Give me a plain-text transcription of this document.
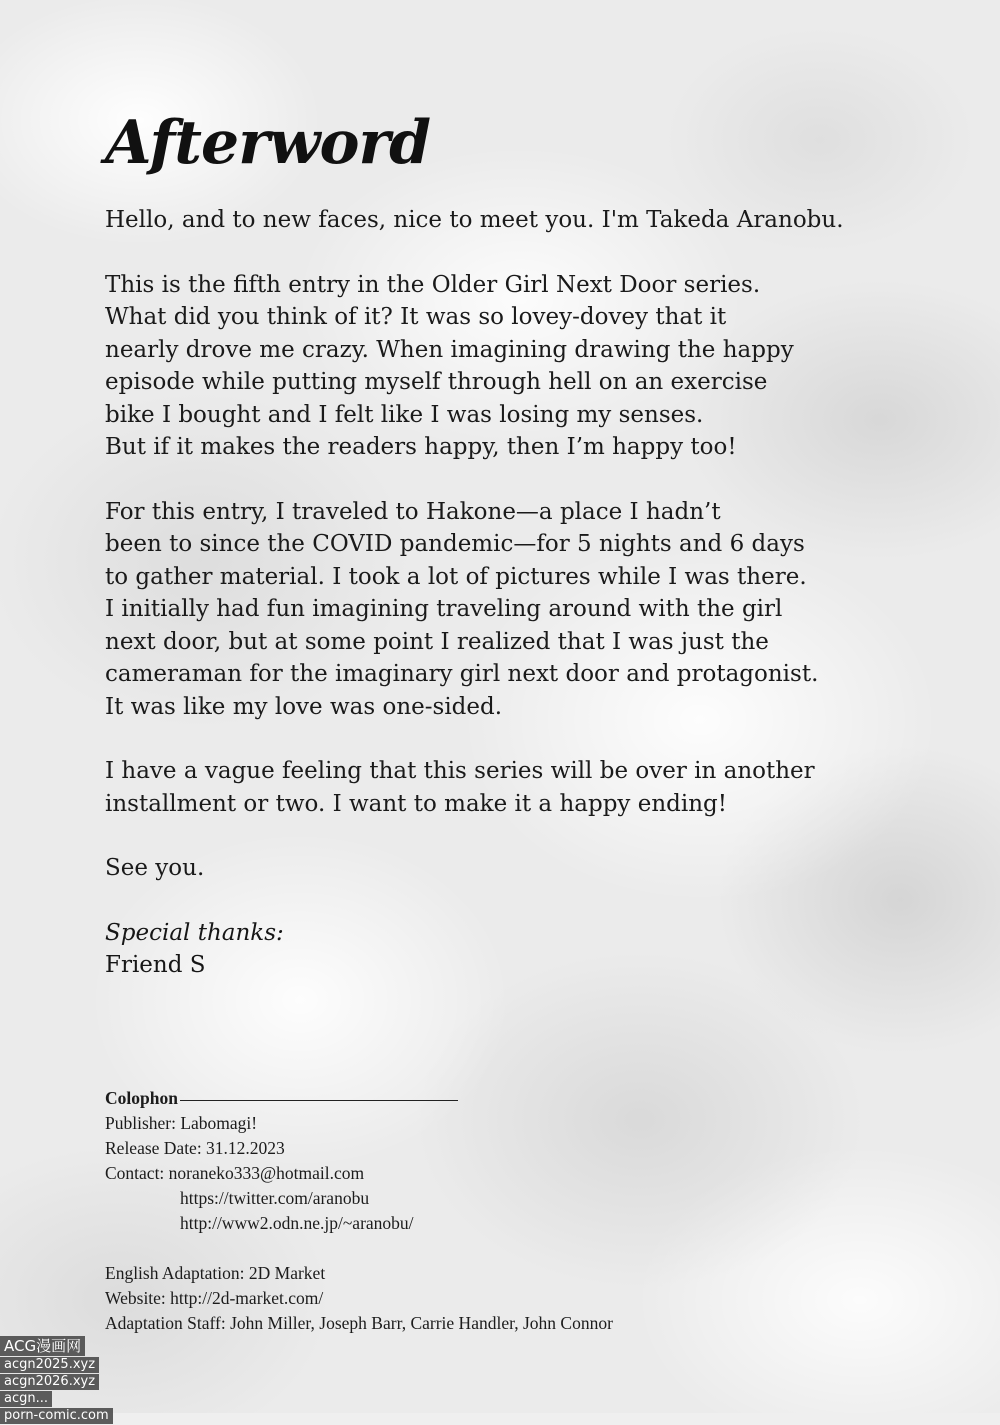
Afterword

Hello, and to new faces, nice to meet you. I'm Takeda Aranobu.

This is the fifth entry in the Older Girl Next Door series.
What did you think of it? It was so lovey-dovey that it
nearly drove me crazy. When imagining drawing the happy
episode while putting myself through hell on an exercise
bike I bought and I felt like I was losing my senses.
But if it makes the readers happy, then I’m happy too!

For this entry, I traveled to Hakone—a place I hadn’t
been to since the COVID pandemic—for 5 nights and 6 days
to gather material. I took a lot of pictures while I was there.
I initially had fun imagining traveling around with the girl
next door, but at some point I realized that I was just the
cameraman for the imaginary girl next door and protagonist.
It was like my love was one-sided.

I have a vague feeling that this series will be over in another
installment or two. I want to make it a happy ending!

See you.

Special thanks:
Friend S
Colophon
Publisher: Labomagi!
Release Date: 31.12.2023
Contact: noraneko333@hotmail.com
https://twitter.com/aranobu
http://www2.odn.ne.jp/~aranobu/
English Adaptation: 2D Market
Website: http://2d-market.com/
Adaptation Staff: John Miller, Joseph Barr, Carrie Handler, John Connor
ACG漫画网
acgn2025.xyz
acgn2026.xyz
acgn...
porn-comic.com
